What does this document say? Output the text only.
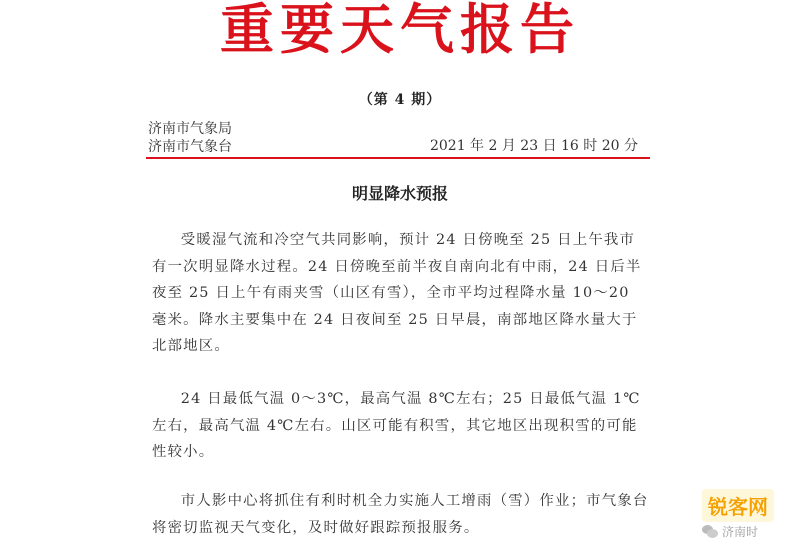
重要天气报告
（第 4 期）
济南市气象局
济南市气象台	2021 年 2 月 23 日 16 时 20 分
明显降水预报

受暖湿气流和冷空气共同影响，预计 24 日傍晚至 25 日上午我市有一次明显降水过程。24 日傍晚至前半夜自南向北有中雨，24 日后半夜至 25 日上午有雨夹雪（山区有雪），全市平均过程降水量 10～20 毫米。降水主要集中在 24 日夜间至 25 日早晨，南部地区降水量大于北部地区。

24 日最低气温 0～3℃，最高气温 8℃左右；25 日最低气温 1℃左右，最高气温 4℃左右。山区可能有积雪，其它地区出现积雪的可能性较小。

市人影中心将抓住有利时机全力实施人工增雨（雪）作业；市气象台将密切监视天气变化，及时做好跟踪预报服务。

锐客网
济南时
